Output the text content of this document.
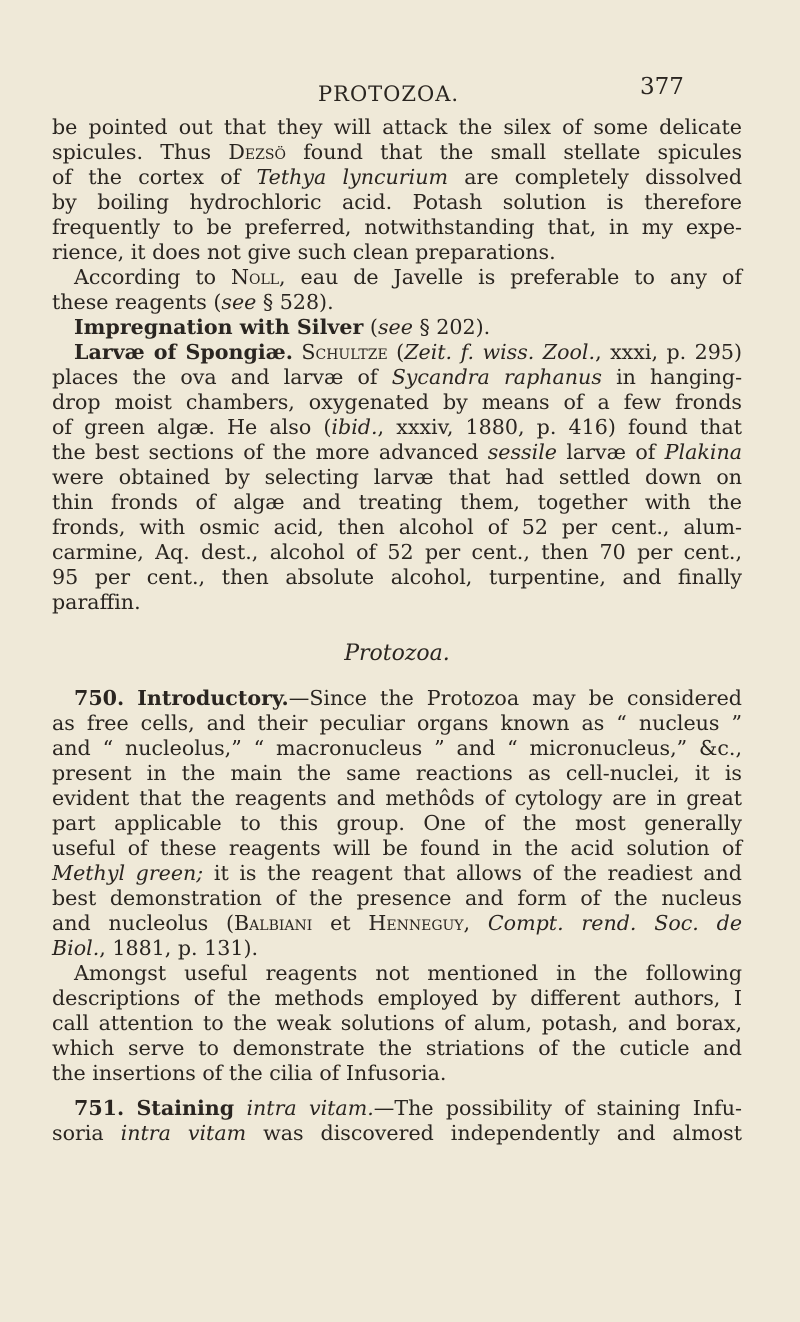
PROTOZOA.	377
be pointed out that they will attack the silex of some delicate
spicules. Thus Dezsö found that the small stellate spicules
of the cortex of Tethya lyncurium are completely dissolved
by boiling hydrochloric acid. Potash solution is therefore
frequently to be preferred, notwithstanding that, in my expe-
rience, it does not give such clean preparations.
According to Noll, eau de Javelle is preferable to any of
these reagents (see § 528).
Impregnation with Silver (see § 202).
Larvæ of Spongiæ. Schultze (Zeit. f. wiss. Zool., xxxi, p. 295)
places the ova and larvæ of Sycandra raphanus in hanging-
drop moist chambers, oxygenated by means of a few fronds
of green algæ. He also (ibid., xxxiv, 1880, p. 416) found that
the best sections of the more advanced sessile larvæ of Plakina
were obtained by selecting larvæ that had settled down on
thin fronds of algæ and treating them, together with the
fronds, with osmic acid, then alcohol of 52 per cent., alum-
carmine, Aq. dest., alcohol of 52 per cent., then 70 per cent.,
95 per cent., then absolute alcohol, turpentine, and finally
paraffin.
Protozoa.
750. Introductory.—Since the Protozoa may be considered
as free cells, and their peculiar organs known as “ nucleus ”
and “ nucleolus,” “ macronucleus ” and “ micronucleus,” &c.,
present in the main the same reactions as cell-nuclei, it is
evident that the reagents and methôds of cytology are in great
part applicable to this group. One of the most generally
useful of these reagents will be found in the acid solution of
Methyl green; it is the reagent that allows of the readiest and
best demonstration of the presence and form of the nucleus
and nucleolus (Balbiani et Henneguy, Compt. rend. Soc. de
Biol., 1881, p. 131).
Amongst useful reagents not mentioned in the following
descriptions of the methods employed by different authors, I
call attention to the weak solutions of alum, potash, and borax,
which serve to demonstrate the striations of the cuticle and
the insertions of the cilia of Infusoria.
751. Staining intra vitam.—The possibility of staining Infu-
soria intra vitam was discovered independently and almost
